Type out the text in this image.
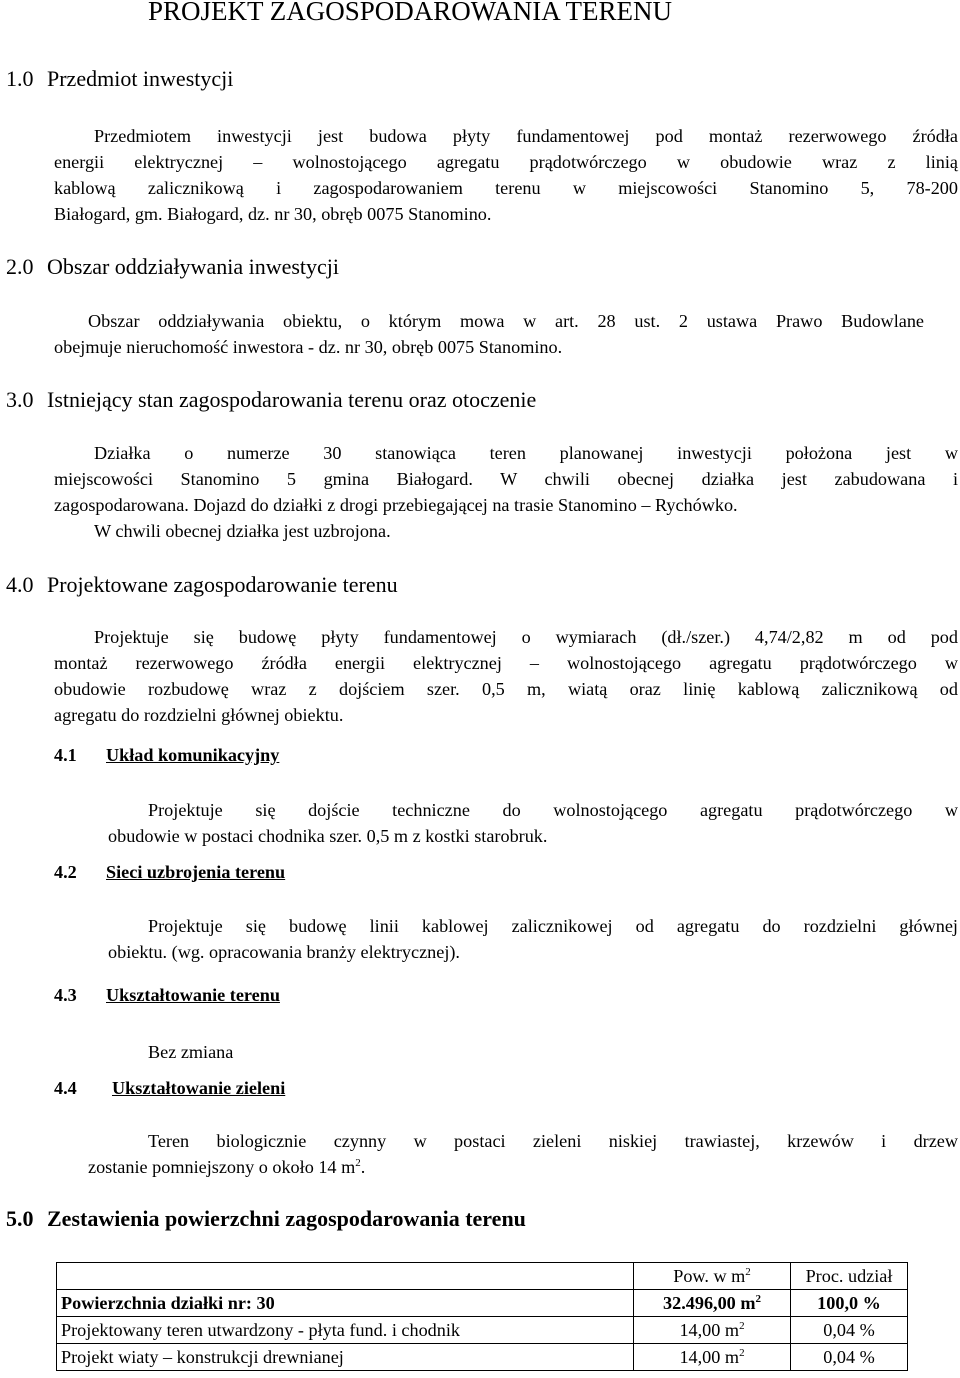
PROJEKT ZAGOSPODAROWANIA TERENU
1.0 Przedmiot inwestycji
Przedmiotem inwestycji jest budowa płyty fundamentowej pod montaż rezerwowego źródła
energii elektrycznej – wolnostojącego agregatu prądotwórczego w obudowie wraz z linią
kablową zalicznikową i zagospodarowaniem terenu w miejscowości Stanomino 5, 78-200
Białogard, gm. Białogard, dz. nr 30, obręb 0075 Stanomino.
2.0 Obszar oddziaływania inwestycji
Obszar oddziaływania obiektu, o którym mowa w art. 28 ust. 2 ustawa Prawo Budowlane
obejmuje nieruchomość inwestora - dz. nr 30, obręb 0075 Stanomino.
3.0 Istniejący stan zagospodarowania terenu oraz otoczenie
Działka o numerze 30 stanowiąca teren planowanej inwestycji położona jest w
miejscowości Stanomino 5 gmina Białogard. W chwili obecnej działka jest zabudowana i
zagospodarowana. Dojazd do działki z drogi przebiegającej na trasie Stanomino – Rychówko.
W chwili obecnej działka jest uzbrojona.
4.0 Projektowane zagospodarowanie terenu
Projektuje się budowę płyty fundamentowej o wymiarach (dł./szer.) 4,74/2,82 m od pod
montaż rezerwowego źródła energii elektrycznej – wolnostojącego agregatu prądotwórczego w
obudowie rozbudowę wraz z dojściem szer. 0,5 m, wiatą oraz linię kablową zalicznikową od
agregatu do rozdzielni głównej obiektu.
4.1 Układ komunikacyjny
Projektuje się dojście techniczne do wolnostojącego agregatu prądotwórczego w
obudowie w postaci chodnika szer. 0,5 m z kostki starobruk.
4.2 Sieci uzbrojenia terenu
Projektuje się budowę linii kablowej zalicznikowej od agregatu do rozdzielni głównej
obiektu. (wg. opracowania branży elektrycznej).
4.3 Ukształtowanie terenu
Bez zmiana
4.4 Ukształtowanie zieleni
Teren biologicznie czynny w postaci zieleni niskiej trawiastej, krzewów i drzew
zostanie pomniejszony o około 14 $m^2$.
5.0 Zestawienia powierzchni zagospodarowania terenu
	Pow. w $m^2$	Proc. udział
Powierzchnia działki nr: 30	32.496,00 $m^2$	100,0 %
Projektowany teren utwardzony - płyta fund. i chodnik	14,00 $m^2$	0,04 %
Projekt wiaty – konstrukcji drewnianej	14,00 $m^2$	0,04 %
